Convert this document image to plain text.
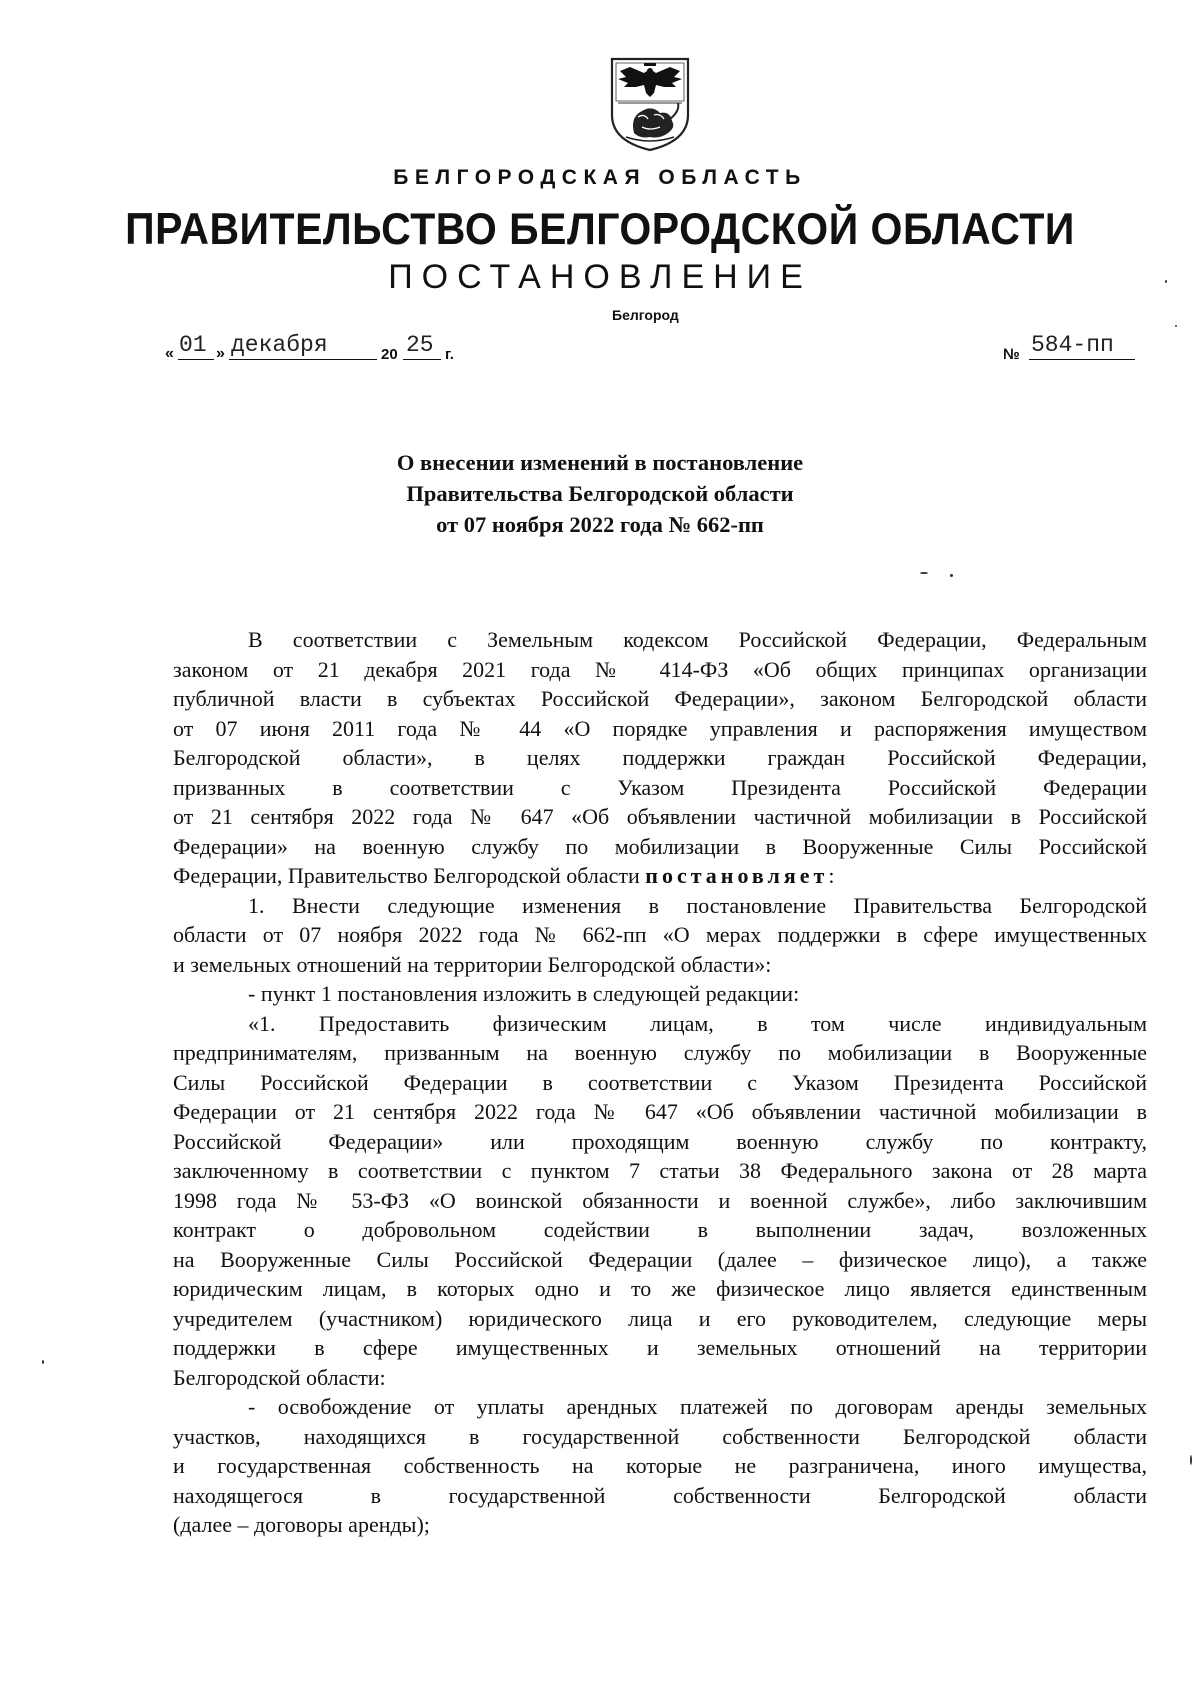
БЕЛГОРОДСКАЯ ОБЛАСТЬ
ПРАВИТЕЛЬСТВО БЕЛГОРОДСКОЙ ОБЛАСТИ
ПОСТАНОВЛЕНИЕ
Белгород
« 01 » декабря	20 25 г.	№ 584-пп
О внесении изменений в постановление
Правительства Белгородской области
от 07 ноября 2022 года № 662-пп
В соответствии с Земельным кодексом Российской Федерации, Федеральным
законом от 21 декабря 2021 года № 414-ФЗ «Об общих принципах организации
публичной власти в субъектах Российской Федерации», законом Белгородской области
от 07 июня 2011 года № 44 «О порядке управления и распоряжения имуществом
Белгородской области», в целях поддержки граждан Российской Федерации,
призванных в соответствии с Указом Президента Российской Федерации
от 21 сентября 2022 года № 647 «Об объявлении частичной мобилизации в Российской
Федерации» на военную службу по мобилизации в Вооруженные Силы Российской
Федерации, Правительство Белгородской области постановляет:
1. Внести следующие изменения в постановление Правительства Белгородской
области от 07 ноября 2022 года № 662-пп «О мерах поддержки в сфере имущественных
и земельных отношений на территории Белгородской области»:
- пункт 1 постановления изложить в следующей редакции:
«1. Предоставить физическим лицам, в том числе индивидуальным
предпринимателям, призванным на военную службу по мобилизации в Вооруженные
Силы Российской Федерации в соответствии с Указом Президента Российской
Федерации от 21 сентября 2022 года № 647 «Об объявлении частичной мобилизации в
Российской Федерации» или проходящим военную службу по контракту,
заключенному в соответствии с пунктом 7 статьи 38 Федерального закона от 28 марта
1998 года № 53-ФЗ «О воинской обязанности и военной службе», либо заключившим
контракт о добровольном содействии в выполнении задач, возложенных
на Вооруженные Силы Российской Федерации (далее – физическое лицо), а также
юридическим лицам, в которых одно и то же физическое лицо является единственным
учредителем (участником) юридического лица и его руководителем, следующие меры
поддержки в сфере имущественных и земельных отношений на территории
Белгородской области:
- освобождение от уплаты арендных платежей по договорам аренды земельных
участков, находящихся в государственной собственности Белгородской области
и государственная собственность на которые не разграничена, иного имущества,
находящегося в государственной собственности Белгородской области
(далее – договоры аренды);
